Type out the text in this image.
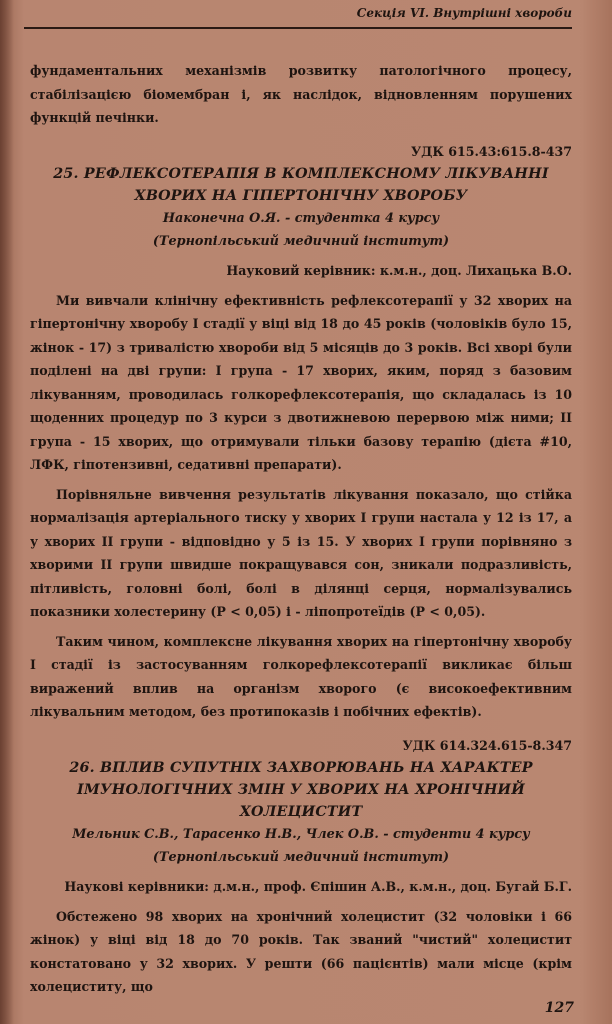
Секція VI. Внутрішні хвороби

фундаментальних механізмів розвитку патологічного процесу, стабілізацією біомембран і, як наслідок, відновленням порушених функцій печінки.

УДК 615.43:615.8-437

25. РЕФЛЕКСОТЕРАПІЯ В КОМПЛЕКСНОМУ ЛІКУВАННІ

ХВОРИХ НА ГІПЕРТОНІЧНУ ХВОРОБУ

Наконечна О.Я. - студентка 4 курсу

(Тернопільський медичний інститут)

Науковий керівник: к.м.н., доц. Лихацька В.О.

Ми вивчали клінічну ефективність рефлексотерапії у 32 хворих на гіпертонічну хворобу І стадії у віці від 18 до 45 років (чоловіків було 15, жінок - 17) з тривалістю хвороби від 5 місяців до 3 років. Всі хворі були поділені на дві групи: І група - 17 хворих, яким, поряд з базовим лікуванням, проводилась голкорефлексотерапія, що складалась із 10 щоденних процедур по 3 курси з двотижневою перервою між ними; ІІ група - 15 хворих, що отримували тільки базову терапію (дієта #10, ЛФК, гіпотензивні, седативні препарати).

Порівняльне вивчення результатів лікування показало, що стійка нормалізація артеріального тиску у хворих І групи настала у 12 із 17, а у хворих ІІ групи - відповідно у 5 із 15. У хворих І групи порівняно з хворими ІІ групи швидше покращувався сон, зникали подразливість, пітливість, головні болі, болі в ділянці серця, нормалізувались показники холестерину (P < 0,05) і - ліпопротеїдів (P < 0,05).

Таким чином, комплексне лікування хворих на гіпертонічну хворобу І стадії із застосуванням голкорефлексотерапії викликає більш виражений вплив на організм хворого (є високоефективним лікувальним методом, без протипоказів і побічних ефектів).

УДК 614.324.615-8.347

26. ВПЛИВ СУПУТНІХ ЗАХВОРЮВАНЬ НА ХАРАКТЕР

ІМУНОЛОГІЧНИХ ЗМІН У ХВОРИХ НА ХРОНІЧНИЙ

ХОЛЕЦИСТИТ

Мельник С.В., Тарасенко Н.В., Члек О.В. - студенти 4 курсу

(Тернопільський медичний інститут)

Наукові керівники: д.м.н., проф. Єпішин А.В., к.м.н., доц. Бугай Б.Г.

Обстежено 98 хворих на хронічний холецистит (32 чоловіки і 66 жінок) у віці від 18 до 70 років. Так званий "чистий" холецистит констатовано у 32 хворих. У решти (66 пацієнтів) мали місце (крім холециститу, що

127
